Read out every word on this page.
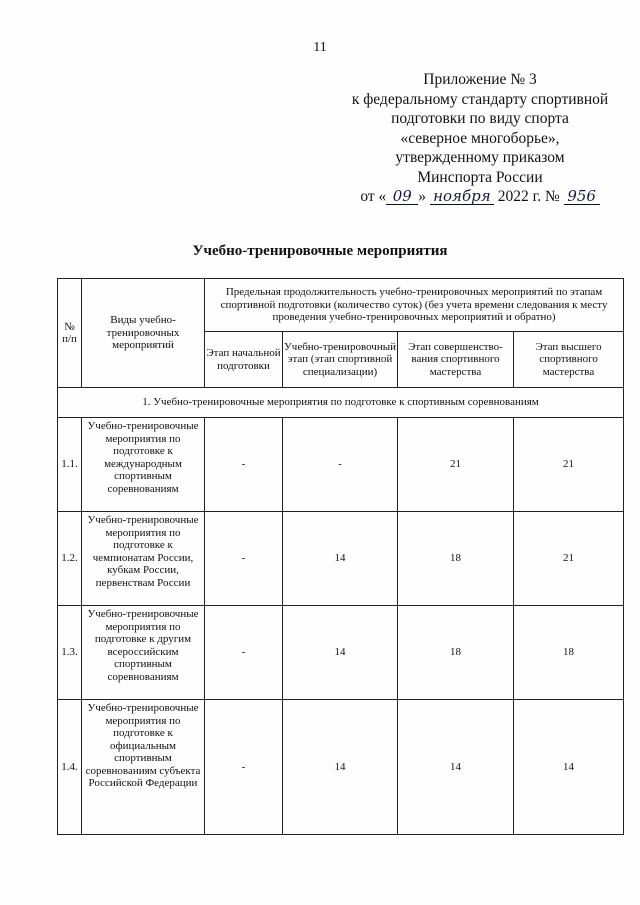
11
Приложение № 3
к федеральному стандарту спортивной
подготовки по виду спорта
«северное многоборье»,
утвержденному приказом
Минспорта России
от « 09 » ноября 2022 г. № 956
Учебно-тренировочные мероприятия
№ п/п	Виды учебно-тренировочных мероприятий	Предельная продолжительность учебно-тренировочных мероприятий по этапам спортивной подготовки (количество суток) (без учета времени следования к месту проведения учебно-тренировочных мероприятий и обратно)			
		Этап начальной подготовки	Учебно-тренировочный этап (этап спортивной специализации)	Этап совершенство-вания спортивного мастерства	Этап высшего спортивного мастерства
1. Учебно-тренировочные мероприятия по подготовке к спортивным соревнованиям					
1.1.	Учебно-тренировочные мероприятия по подготовке к международным спортивным соревнованиям	-	-	21	21
1.2.	Учебно-тренировочные мероприятия по подготовке к чемпионатам России, кубкам России, первенствам России	-	14	18	21
1.3.	Учебно-тренировочные мероприятия по подготовке к другим всероссийским спортивным соревнованиям	-	14	18	18
1.4.	Учебно-тренировочные мероприятия по подготовке к официальным спортивным соревнованиям субъекта Российской Федерации	-	14	14	14
